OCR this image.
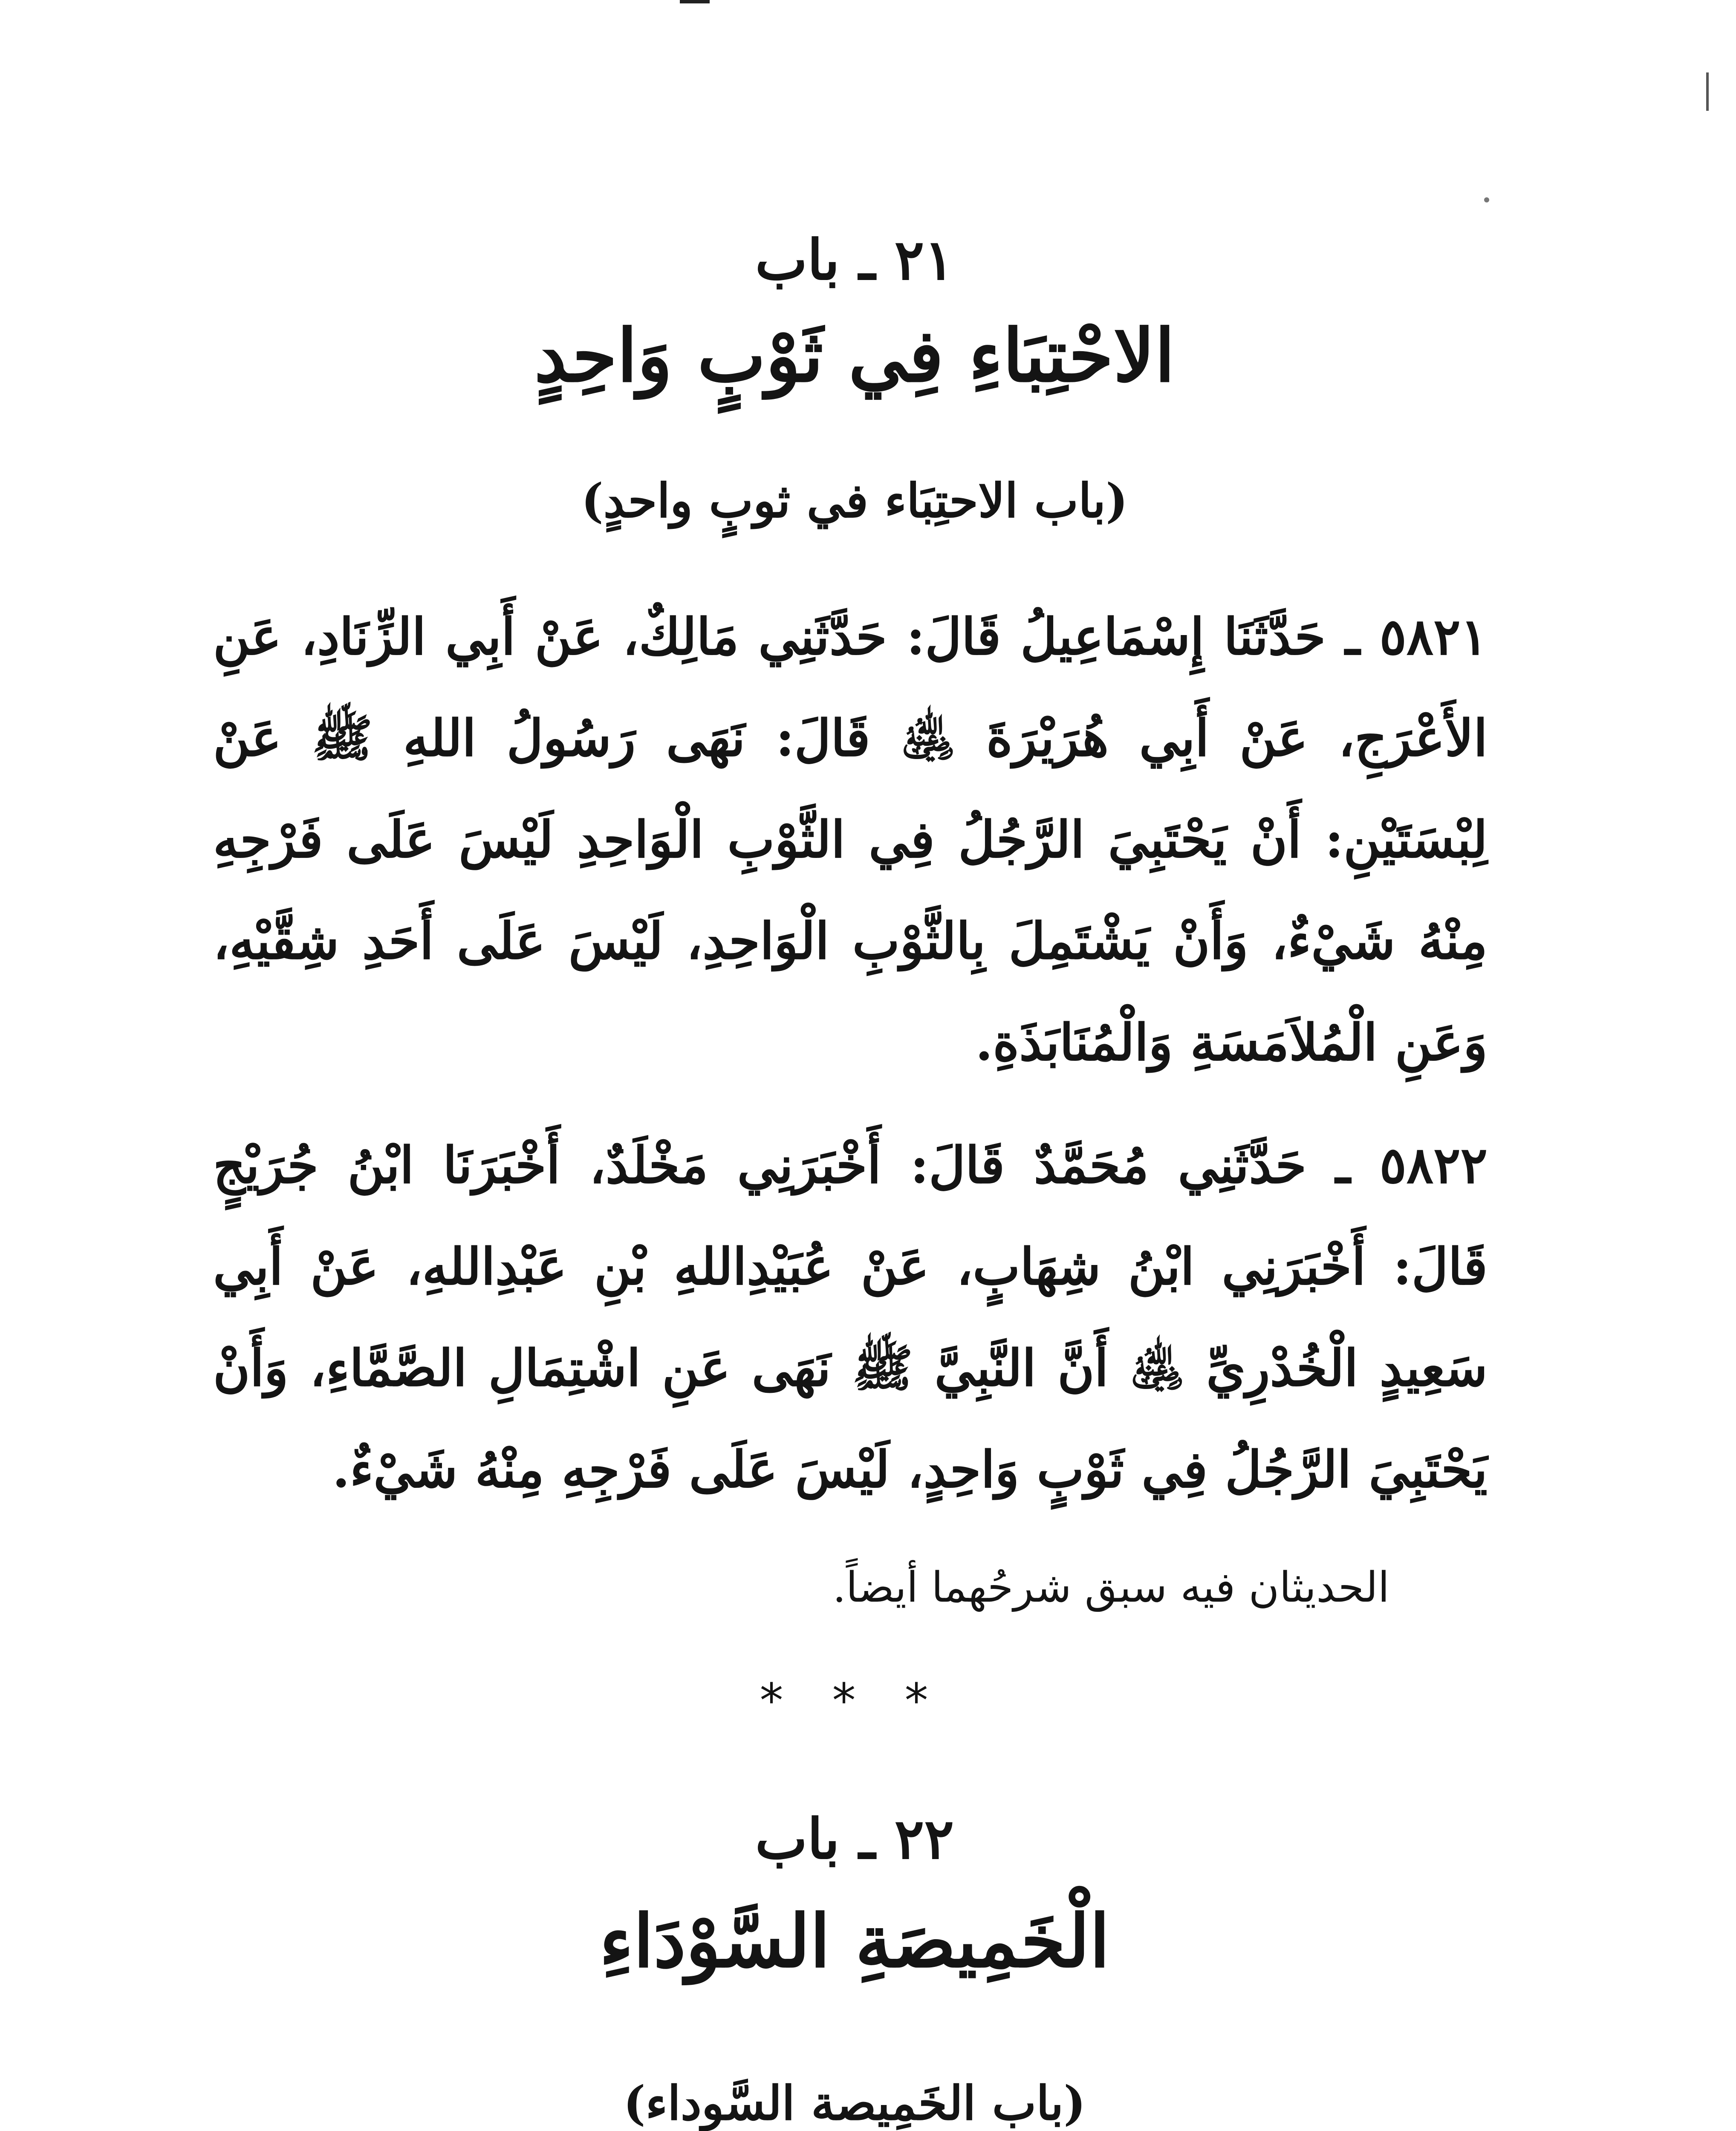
٢١ ـ باب
الاحْتِبَاءِ فِي ثَوْبٍ وَاحِدٍ
(باب الاحتِبَاء في ثوبٍ واحدٍ)
٥٨٢١ ـ حَدَّثَنَا إِسْمَاعِيلُ قَالَ: حَدَّثَنِي مَالِكٌ، عَنْ أَبِي الزِّنَادِ، عَنِ الأَعْرَجِ، عَنْ أَبِي هُرَيْرَةَ ﵁ قَالَ: نَهَى رَسُولُ اللهِ ﷺ عَنْ لِبْسَتَيْنِ: أَنْ يَحْتَبِيَ الرَّجُلُ فِي الثَّوْبِ الْوَاحِدِ لَيْسَ عَلَى فَرْجِهِ مِنْهُ شَيْءٌ، وَأَنْ يَشْتَمِلَ بِالثَّوْبِ الْوَاحِدِ، لَيْسَ عَلَى أَحَدِ شِقَّيْهِ، وَعَنِ الْمُلاَمَسَةِ وَالْمُنَابَذَةِ.
٥٨٢٢ ـ حَدَّثَنِي مُحَمَّدٌ قَالَ: أَخْبَرَنِي مَخْلَدٌ، أَخْبَرَنَا ابْنُ جُرَيْجٍ قَالَ: أَخْبَرَنِي ابْنُ شِهَابٍ، عَنْ عُبَيْدِاللهِ بْنِ عَبْدِاللهِ، عَنْ أَبِي سَعِيدٍ الْخُدْرِيِّ ﵁ أَنَّ النَّبِيَّ ﷺ نَهَى عَنِ اشْتِمَالِ الصَّمَّاءِ، وَأَنْ يَحْتَبِيَ الرَّجُلُ فِي ثَوْبٍ وَاحِدٍ، لَيْسَ عَلَى فَرْجِهِ مِنْهُ شَيْءٌ.
الحديثان فيه سبق شرحُهما أيضاً.
* * *
٢٢ ـ باب
الْخَمِيصَةِ السَّوْدَاءِ
(باب الخَمِيصة السَّوداء)
